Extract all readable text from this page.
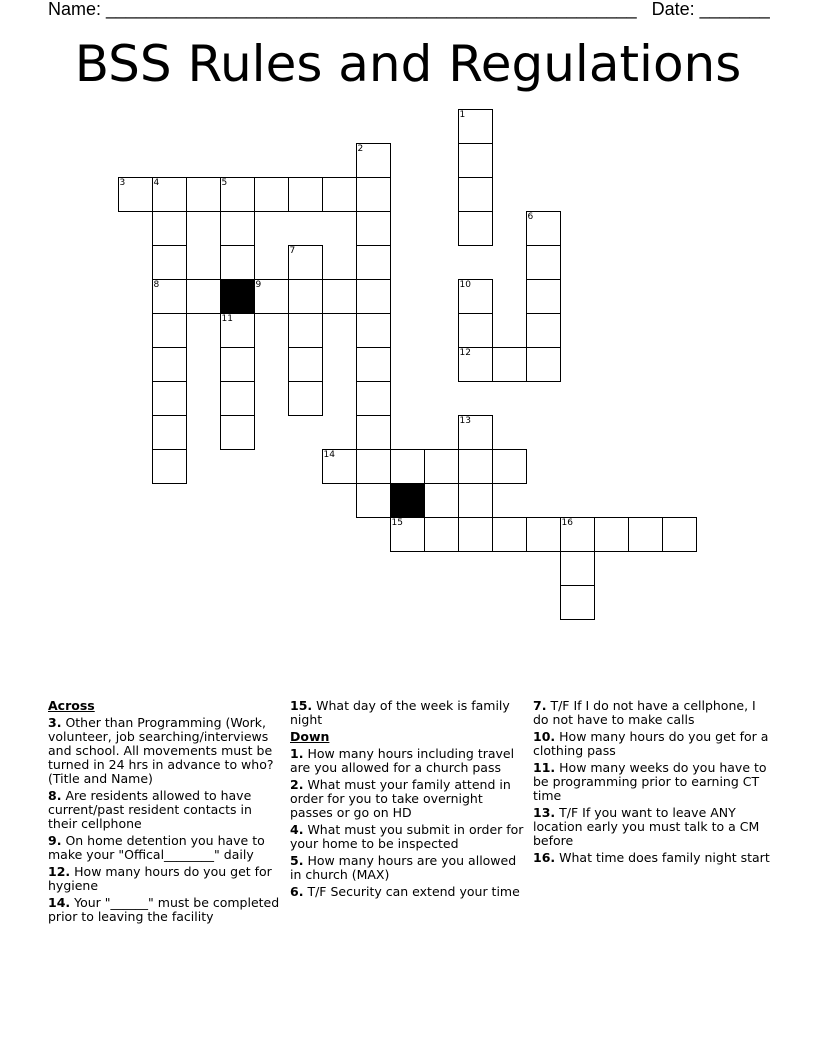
Name: _____________________________________________________ Date: _______
BSS Rules and Regulations
1
2
3	4	5
8
11
6
7
9	10
12
13
14
15	16
Across
3. Other than Programming (Work, volunteer, job searching/interviews and school. All movements must be turned in 24 hrs in advance to who? (Title and Name)
8. Are residents allowed to have current/past resident contacts in their cellphone
9. On home detention you have to make your "Offical________" daily
12. How many hours do you get for hygiene
14. Your "______" must be completed prior to leaving the facility
15. What day of the week is family night
Down
1. How many hours including travel are you allowed for a church pass
2. What must your family attend in order for you to take overnight passes or go on HD
4. What must you submit in order for your home to be inspected
5. How many hours are you allowed in church (MAX)
6. T/F Security can extend your time
7. T/F If I do not have a cellphone, I do not have to make calls
10. How many hours do you get for a clothing pass
11. How many weeks do you have to be programming prior to earning CT time
13. T/F If you want to leave ANY location early you must talk to a CM before
16. What time does family night start
